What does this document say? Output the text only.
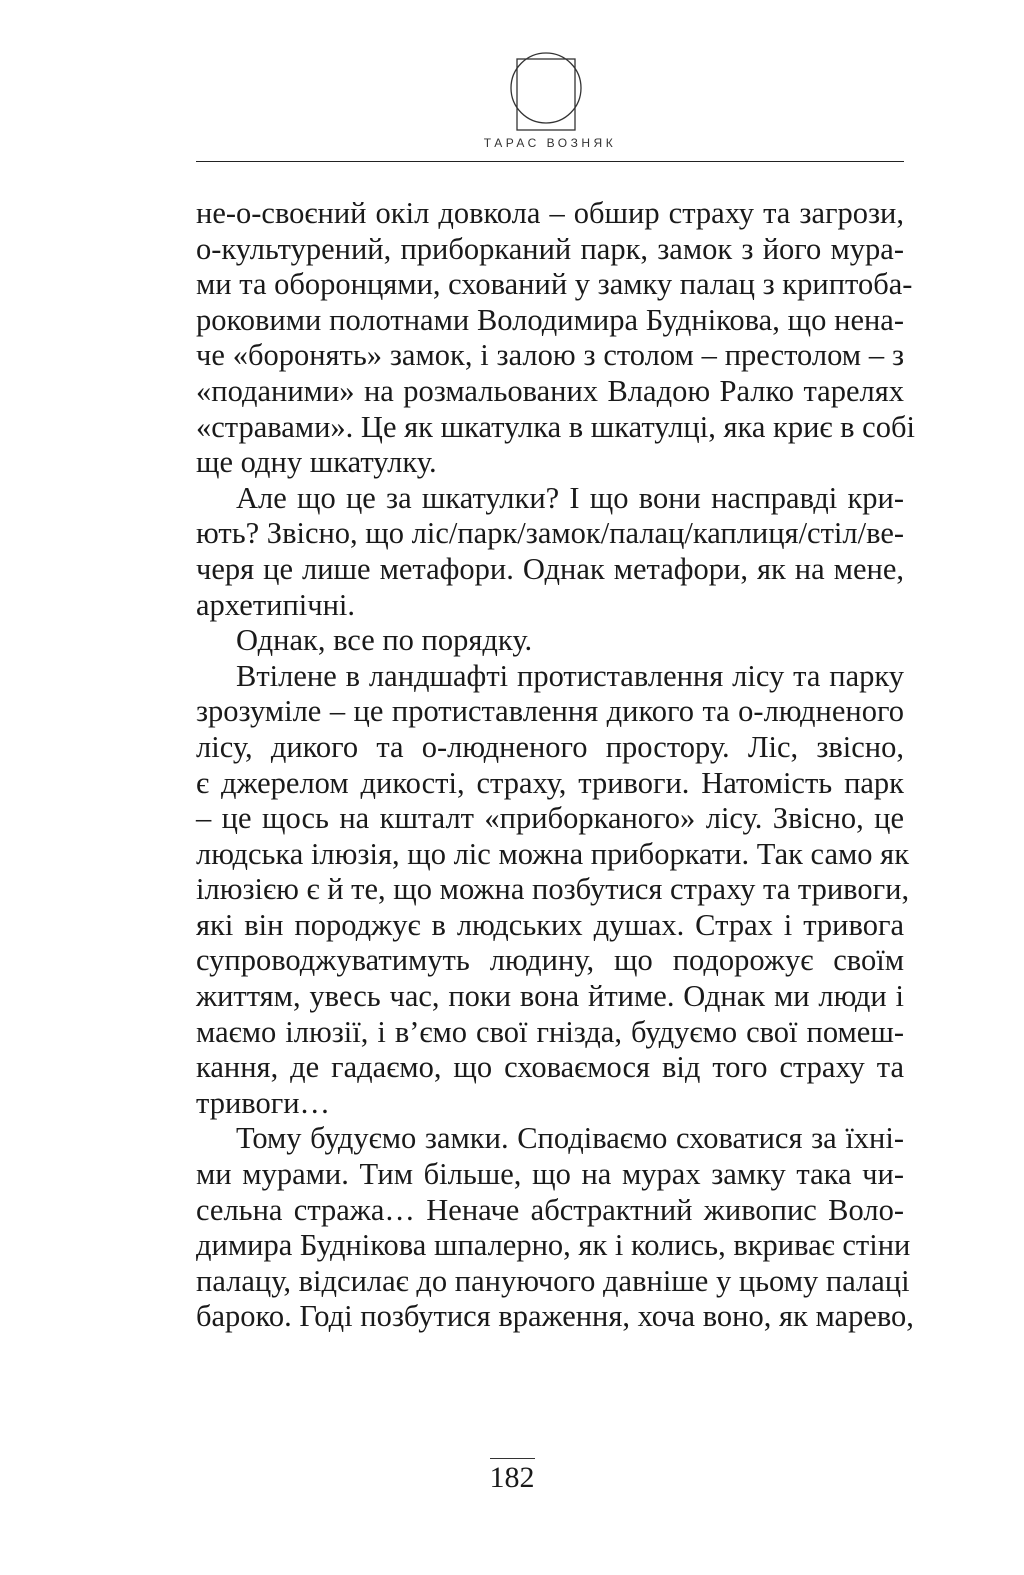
ТАРАС ВОЗНЯК
не-о-своєний окіл довкола – обшир страху та загрози,
о-культурений, приборканий парк, замок з його мура-
ми та оборонцями, схований у замку палац з криптоба-
роковими полотнами Володимира Буднікова, що нена-
че «боронять» замок, і залою з столом – престолом – з
«поданими» на розмальованих Владою Ралко тарелях
«стравами». Це як шкатулка в шкатулці, яка криє в собі
ще одну шкатулку.
Але що це за шкатулки? І що вони насправді кри-
ють? Звісно, що ліс/парк/замок/палац/каплиця/стіл/ве-
черя це лише метафори. Однак метафори, як на мене,
архетипічні.
Однак, все по порядку.
Втілене в ландшафті протиставлення лісу та парку
зрозуміле – це протиставлення дикого та о-людненого
лісу, дикого та о-людненого простору. Ліс, звісно,
є джерелом дикості, страху, тривоги. Натомість парк
– це щось на кшталт «приборканого» лісу. Звісно, це
людська ілюзія, що ліс можна приборкати. Так само як
ілюзією є й те, що можна позбутися страху та тривоги,
які він породжує в людських душах. Страх і тривога
супроводжуватимуть людину, що подорожує своїм
життям, увесь час, поки вона йтиме. Однак ми люди і
маємо ілюзії, і в’ємо свої гнізда, будуємо свої помеш-
кання, де гадаємо, що сховаємося від того страху та
тривоги…
Тому будуємо замки. Сподіваємо сховатися за їхні-
ми мурами. Тим більше, що на мурах замку така чи-
сельна стража… Неначе абстрактний живопис Воло-
димира Буднікова шпалерно, як і колись, вкриває стіни
палацу, відсилає до пануючого давніше у цьому палаці
бароко. Годі позбутися враження, хоча воно, як марево,
182
